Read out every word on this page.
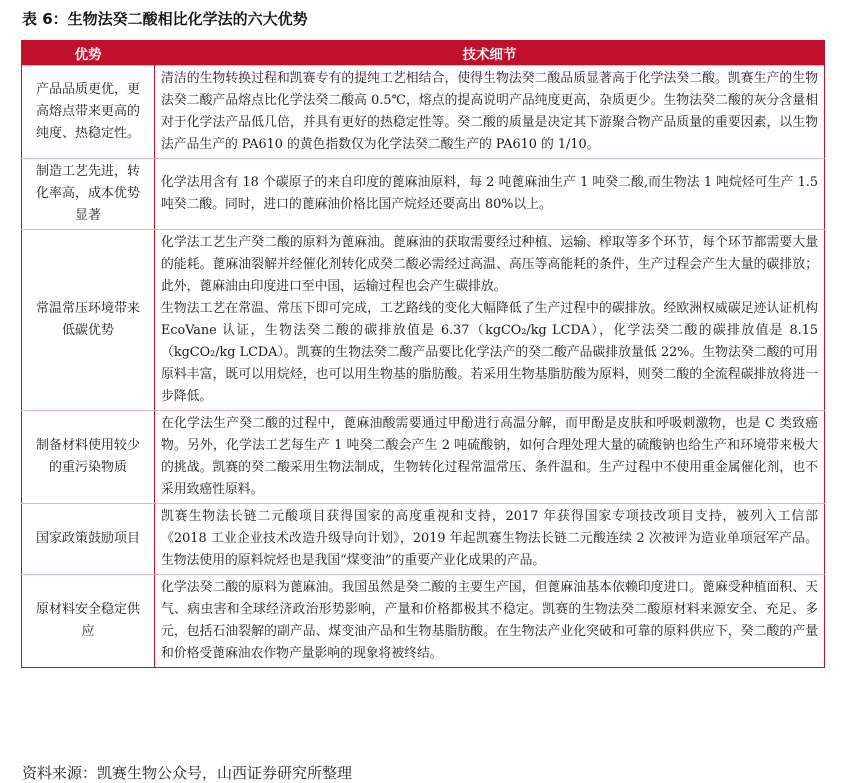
表 6：生物法癸二酸相比化学法的六大优势
优势	技术细节
产品品质更优，更高熔点带来更高的纯度、热稳定性。	清洁的生物转换过程和凯赛专有的提纯工艺相结合，使得生物法癸二酸品质显著高于化学法癸二酸。凯赛生产的生物法癸二酸产品熔点比化学法癸二酸高 0.5℃，熔点的提高说明产品纯度更高，杂质更少。生物法癸二酸的灰分含量相对于化学法产品低几倍，并具有更好的热稳定性等。癸二酸的质量是决定其下游聚合物产品质量的重要因素，以生物法产品生产的 PA610 的黄色指数仅为化学法癸二酸生产的 PA610 的 1/10。

制造工艺先进，转化率高，成本优势显著	化学法用含有 18 个碳原子的来自印度的蓖麻油原料，每 2 吨蓖麻油生产 1 吨癸二酸,而生物法 1 吨烷烃可生产 1.5 吨癸二酸。同时，进口的蓖麻油价格比国产烷烃还要高出 80%以上。

常温常压环境带来低碳优势	化学法工艺生产癸二酸的原料为蓖麻油。蓖麻油的获取需要经过种植、运输、榨取等多个环节，每个环节都需要大量的能耗。蓖麻油裂解并经催化剂转化成癸二酸必需经过高温、高压等高能耗的条件，生产过程会产生大量的碳排放；此外，蓖麻油由印度进口至中国，运输过程也会产生碳排放。
生物法工艺在常温、常压下即可完成，工艺路线的变化大幅降低了生产过程中的碳排放。经欧洲权威碳足迹认证机构 EcoVane 认证，生物法癸二酸的碳排放值是 6.37（kgCO₂/kg LCDA），化学法癸二酸的碳排放值是 8.15（kgCO₂/kg LCDA）。凯赛的生物法癸二酸产品要比化学法产的癸二酸产品碳排放量低 22%。生物法癸二酸的可用原料丰富，既可以用烷烃，也可以用生物基的脂肪酸。若采用生物基脂肪酸为原料，则癸二酸的全流程碳排放将进一步降低。

制备材料使用较少的重污染物质	在化学法生产癸二酸的过程中，蓖麻油酸需要通过甲酚进行高温分解，而甲酚是皮肤和呼吸刺激物，也是 C 类致癌物。另外，化学法工艺每生产 1 吨癸二酸会产生 2 吨硫酸钠，如何合理处理大量的硫酸钠也给生产和环境带来极大的挑战。凯赛的癸二酸采用生物法制成，生物转化过程常温常压、条件温和。生产过程中不使用重金属催化剂，也不采用致癌性原料。

国家政策鼓励项目	凯赛生物法长链二元酸项目获得国家的高度重视和支持，2017 年获得国家专项技改项目支持，被列入工信部《2018 工业企业技术改造升级导向计划》，2019 年起凯赛生物法长链二元酸连续 2 次被评为造业单项冠军产品。生物法使用的原料烷烃也是我国“煤变油”的重要产业化成果的产品。

原材料安全稳定供应	化学法癸二酸的原料为蓖麻油。我国虽然是癸二酸的主要生产国，但蓖麻油基本依赖印度进口。蓖麻受种植面积、天气、病虫害和全球经济政治形势影响，产量和价格都极其不稳定。凯赛的生物法癸二酸原材料来源安全、充足、多元，包括石油裂解的副产品、煤变油产品和生物基脂肪酸。在生物法产业化突破和可靠的原料供应下，癸二酸的产量和价格受蓖麻油农作物产量影响的现象将被终结。
资料来源：凯赛生物公众号，山西证券研究所整理
